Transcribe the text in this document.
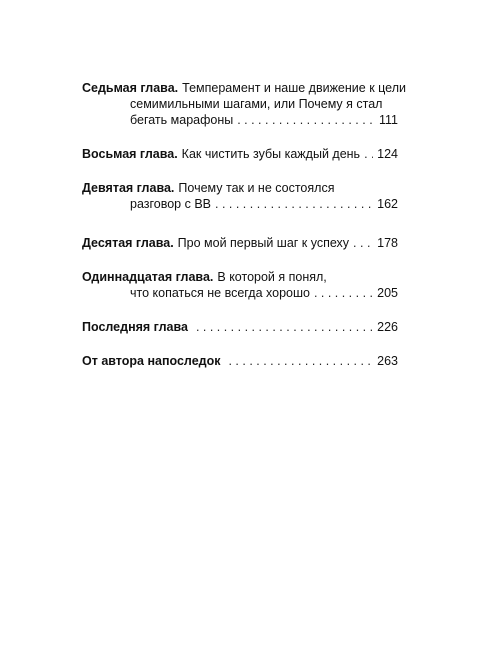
Седьмая глава. Темперамент и наше движение к цели
семимильными шагами, или Почему я стал
бегать марафоны . . .	111
Восьмая глава. Как чистить зубы каждый день . . . 124
Девятая глава. Почему так и не состоялся
разговор с ВВ . . .	162
Десятая глава. Про мой первый шаг к успеху . . . 178
Одиннадцатая глава. В которой я понял,
что копаться не всегда хорошо . . .	205
Последняя глава . . .	226
От автора напоследок . . .	263
